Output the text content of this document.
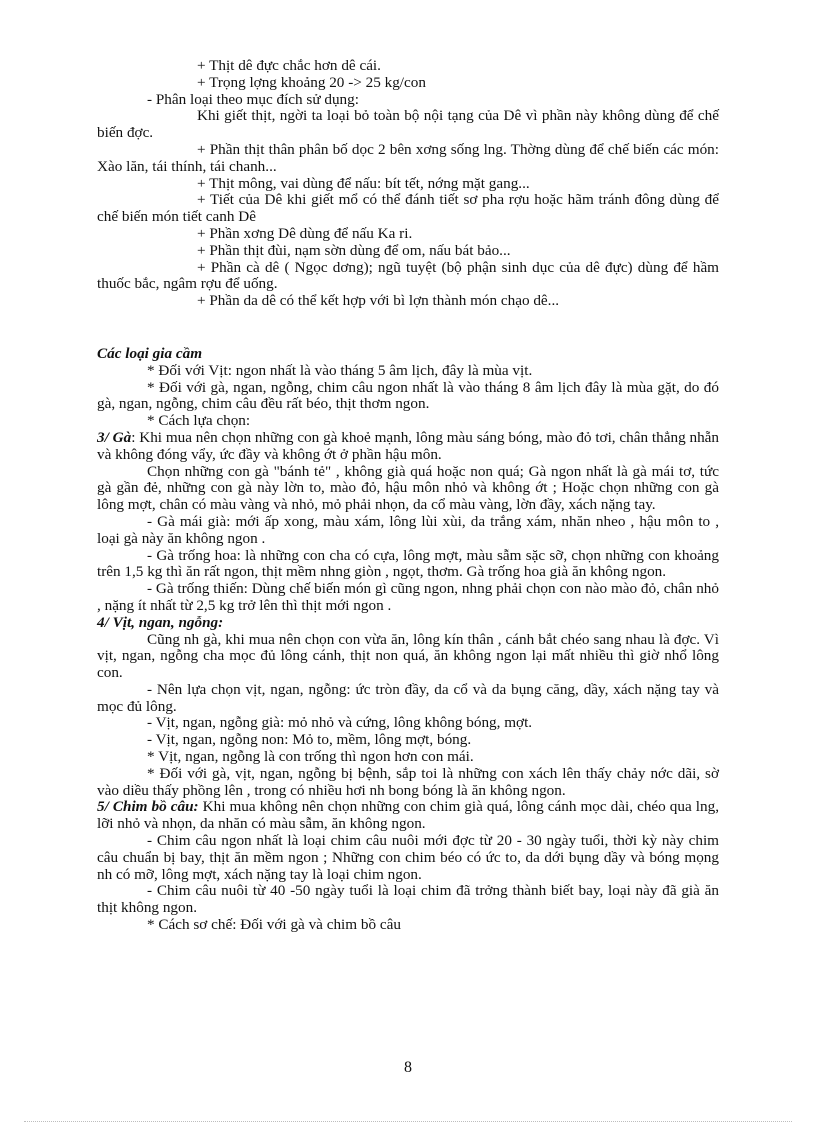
+ Thịt dê đực chắc hơn dê cái.

+ Trọng lợng khoảng 20 -> 25 kg/con

- Phân loại theo mục đích sử dụng:

Khi giết thịt, ngời ta loại bỏ toàn bộ nội tạng của Dê vì phần này không dùng để chế biến đợc.

+ Phần thịt thân phân bố dọc 2 bên xơng sống lng. Thờng dùng để chế biến các món: Xào lăn, tái thính, tái chanh...

+ Thịt mông, vai dùng để nấu: bít tết, nớng mặt gang...

+ Tiết của Dê khi giết mổ có thể đánh tiết sơ pha rợu hoặc hãm tránh đông dùng để chế biến món tiết canh Dê

+ Phần xơng Dê dùng để nấu Ka ri.

+ Phần thịt đùi, nạm sờn dùng để om, nấu bát bảo...

+ Phần cà dê ( Ngọc dơng); ngũ tuyệt (bộ phận sinh dục của dê đực) dùng để hầm thuốc bắc, ngâm rợu để uống.

+ Phần da dê có thể kết hợp với bì lợn thành món chạo dê...

Các loại gia cầm

* Đối với Vịt: ngon nhất là vào tháng 5 âm lịch, đây là mùa vịt.

* Đối với gà, ngan, ngỗng, chim câu ngon nhất là vào tháng 8 âm lịch đây là mùa gặt, do đó gà, ngan, ngỗng, chim câu đều rất béo, thịt thơm ngon.

* Cách lựa chọn:

3/ Gà: Khi mua nên chọn những con gà khoẻ mạnh, lông màu sáng bóng, mào đỏ tơi, chân thẳng nhẵn và không đóng vẩy, ức đầy và không ớt ở phần hậu môn.

Chọn những con gà "bánh tẻ" , không già quá hoặc non quá; Gà ngon nhất là gà mái tơ, tức gà gần đẻ, những con gà này lờn to, mào đỏ, hậu môn nhỏ và không ớt ; Hoặc chọn những con gà lông mợt, chân có màu vàng và nhỏ, mỏ phải nhọn, da cổ màu vàng, lờn đầy, xách nặng tay.

- Gà mái già: mới ấp xong, màu xám, lông lùi xùi, da trắng xám, nhăn nheo , hậu môn to , loại gà này ăn không ngon .

- Gà trống hoa: là những con cha có cựa, lông mợt, màu sẫm sặc sỡ, chọn những con khoảng trên 1,5 kg thì ăn rất ngon, thịt mềm nhng giòn , ngọt, thơm. Gà trống hoa già ăn không ngon.

- Gà trống thiến: Dùng chế biến món gì cũng ngon, nhng phải chọn con nào mào đỏ, chân nhỏ , nặng ít nhất từ 2,5 kg trở lên thì thịt mới ngon .

4/ Vịt, ngan, ngỗng:

Cũng nh gà, khi mua nên chọn con vừa ăn, lông kín thân , cánh bắt chéo sang nhau là đợc. Vì vịt, ngan, ngỗng cha mọc đủ lông cánh, thịt non quá, ăn không ngon lại mất nhiều thì giờ nhổ lông con.

- Nên lựa chọn vịt, ngan, ngỗng: ức tròn đầy, da cổ và da bụng căng, dầy, xách nặng tay và mọc đủ lông.

- Vịt, ngan, ngỗng già: mỏ nhỏ và cứng, lông không bóng, mợt.

- Vịt, ngan, ngỗng non: Mỏ to, mềm, lông mợt, bóng.

* Vịt, ngan, ngỗng là con trống thì ngon hơn con mái.

* Đối với gà, vịt, ngan, ngỗng bị bệnh, sắp toi là những con xách lên thấy chảy nớc dãi, sờ vào diều thấy phồng lên , trong có nhiều hơi nh bong bóng là ăn không ngon.

5/ Chim bồ câu: Khi mua không nên chọn những con chim già quá, lông cánh mọc dài, chéo qua lng, lỡi nhỏ và nhọn, da nhăn có màu sẫm, ăn không ngon.

- Chim câu ngon nhất là loại chim câu nuôi mới đợc từ 20 - 30 ngày tuổi, thời kỳ này chim câu chuẩn bị bay, thịt ăn mềm ngon ; Những con chim béo có ức to, da dới bụng dầy và bóng mọng nh có mỡ, lông mợt, xách nặng tay là loại chim ngon.

- Chim câu nuôi từ 40 -50 ngày tuổi là loại chim đã trởng thành biết bay, loại này đã già ăn thịt không ngon.

* Cách sơ chế: Đối với gà và chim bồ câu

8
